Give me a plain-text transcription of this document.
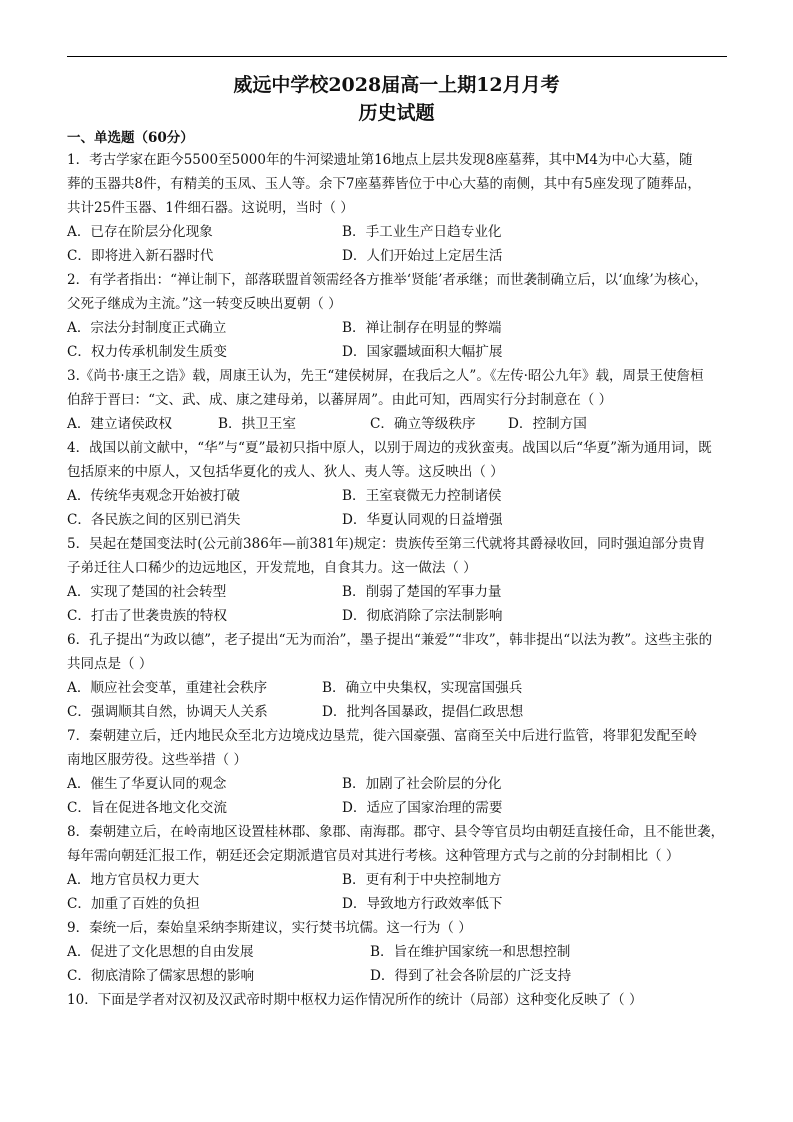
威远中学校2028届高一上期12月月考
历史试题
一、单选题（60分）
1．考古学家在距今5500至5000年的牛河梁遗址第16地点上层共发现8座墓葬，其中M4为中心大墓，随
葬的玉器共8件，有精美的玉凤、玉人等。余下7座墓葬皆位于中心大墓的南侧，其中有5座发现了随葬品，
共计25件玉器、1件细石器。这说明，当时（ ）
A．已存在阶层分化现象	B．手工业生产日趋专业化
C．即将进入新石器时代	D．人们开始过上定居生活
2．有学者指出：“禅让制下，部落联盟首领需经各方推举‘贤能’者承继；而世袭制确立后，以‘血缘’为核心，
父死子继成为主流。”这一转变反映出夏朝（ ）
A．宗法分封制度正式确立	B．禅让制存在明显的弊端
C．权力传承机制发生质变	D．国家疆域面积大幅扩展
3.《尚书·康王之诰》载，周康王认为，先王“建侯树屏，在我后之人”。《左传·昭公九年》载，周景王使詹桓
伯辞于晋曰：“文、武、成、康之建母弟，以蕃屏周”。由此可知，西周实行分封制意在（ ）
A．建立诸侯政权	B．拱卫王室	C．确立等级秩序 D．控制方国
4．战国以前文献中，“华”与“夏”最初只指中原人，以别于周边的戎狄蛮夷。战国以后“华夏”渐为通用词，既
包括原来的中原人，又包括华夏化的戎人、狄人、夷人等。这反映出（ ）
A．传统华夷观念开始被打破	B．王室衰微无力控制诸侯
C．各民族之间的区别已消失	D．华夏认同观的日益增强
5．吴起在楚国变法时(公元前386年—前381年)规定：贵族传至第三代就将其爵禄收回，同时强迫部分贵胄
子弟迁往人口稀少的边远地区，开发荒地，自食其力。这一做法（ ）
A．实现了楚国的社会转型	B．削弱了楚国的军事力量
C．打击了世袭贵族的特权	D．彻底消除了宗法制影响
6．孔子提出“为政以德”，老子提出“无为而治”，墨子提出“兼爱”“非攻”，韩非提出“以法为教”。这些主张的
共同点是（ ）
A．顺应社会变革，重建社会秩序	B．确立中央集权，实现富国强兵
C．强调顺其自然，协调天人关系	D．批判各国暴政，提倡仁政思想
7．秦朝建立后，迁内地民众至北方边境戍边垦荒，徙六国豪强、富商至关中后进行监管，将罪犯发配至岭
南地区服劳役。这些举措（ ）
A．催生了华夏认同的观念	B．加剧了社会阶层的分化
C．旨在促进各地文化交流	D．适应了国家治理的需要
8．秦朝建立后，在岭南地区设置桂林郡、象郡、南海郡。郡守、县令等官员均由朝廷直接任命，且不能世袭，
每年需向朝廷汇报工作，朝廷还会定期派遣官员对其进行考核。这种管理方式与之前的分封制相比（ ）
A．地方官员权力更大	B．更有利于中央控制地方
C．加重了百姓的负担	D．导致地方行政效率低下
9．秦统一后，秦始皇采纳李斯建议，实行焚书坑儒。这一行为（ ）
A．促进了文化思想的自由发展	B．旨在维护国家统一和思想控制
C．彻底清除了儒家思想的影响	D．得到了社会各阶层的广泛支持
10．下面是学者对汉初及汉武帝时期中枢权力运作情况所作的统计（局部）这种变化反映了（ ）
